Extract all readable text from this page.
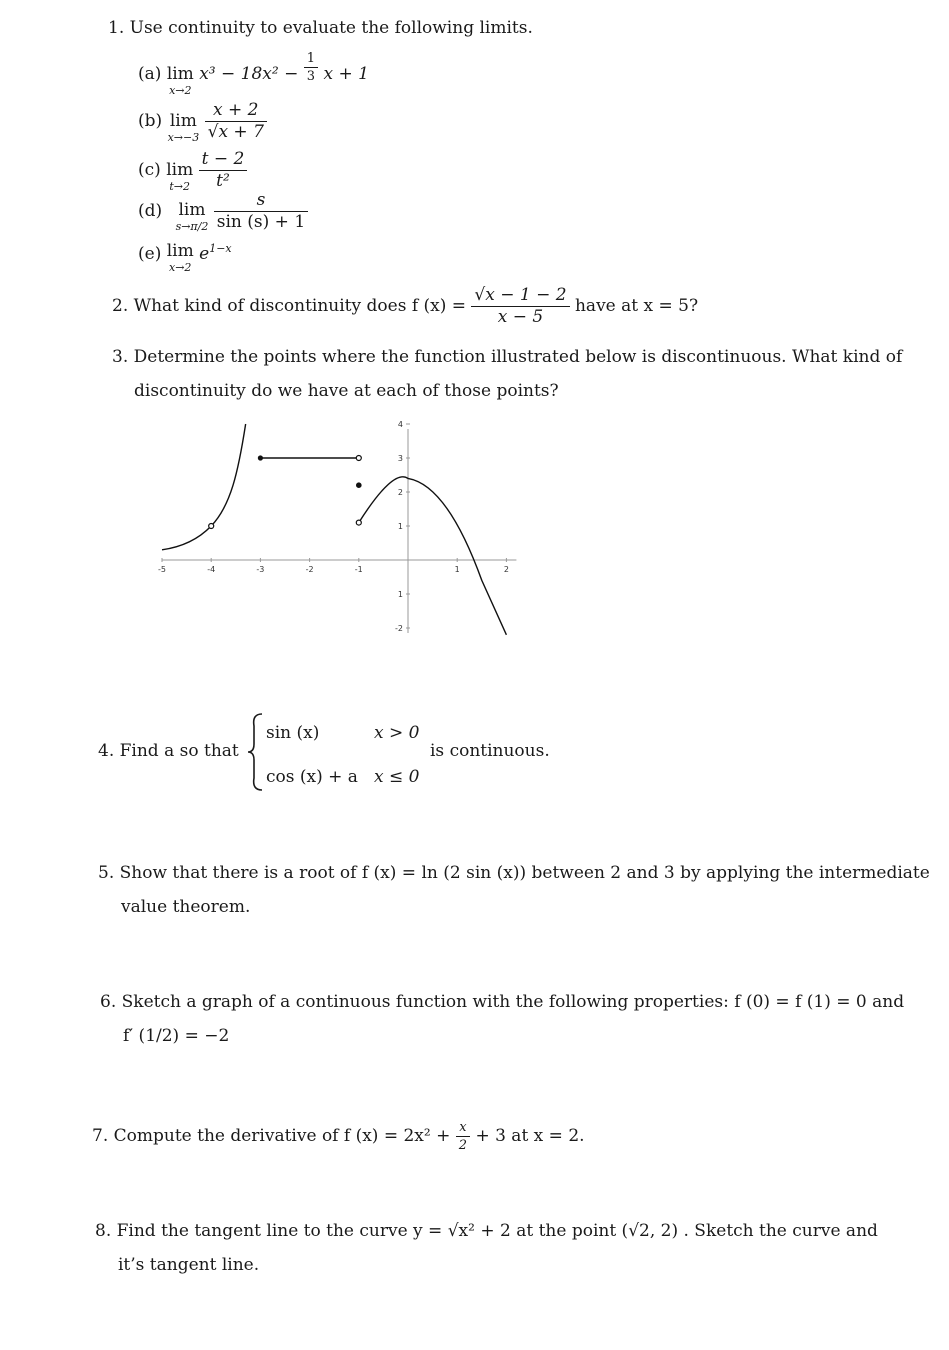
1. Use continuity to evaluate the following limits.
(a) lim
x→2
$x^3 - 18x^2 - \frac{1}{3}$ x + 1
(b) lim
x→−3
$\frac{x + 2}{√x + 7}$
(c) lim
t→2
$\frac{t - 2}{\text{t²}}$
(d) lim
s→π/2
$\frac{s}{\sin (s) + 1}$
(e) lim
x→2
$e^{1-x}$
2. What kind of discontinuity does f $(x) = \frac{√x - 1 - 2}{x - 5}$ have at x = 5?
3. Determine the points where the function illustrated below is discontinuous. What kind of
discontinuity do we have at each of those points?
-5	-4	-3	-2	-1	1	2
4
3
2
1
1
-2
4. Find a so that
sin (x)	x > 0
cos (x) + a x ≤ 0
is continuous.
5. Show that there is a root of f (x) = ln (2 sin (x)) between 2 and 3 by applying the intermediate
value theorem.
6. Sketch a graph of a continuous function with the following properties: f (0) = f (1) = 0 and
f′ (1/2) = −2
7. Compute the derivative of f $(x) = 2x^2 + \frac{x}{2} + 3$ at x = 2.
8. Find the tangent line to the curve y = √x² + 2 at the point (√2, 2) . Sketch the curve and
it’s tangent line.
